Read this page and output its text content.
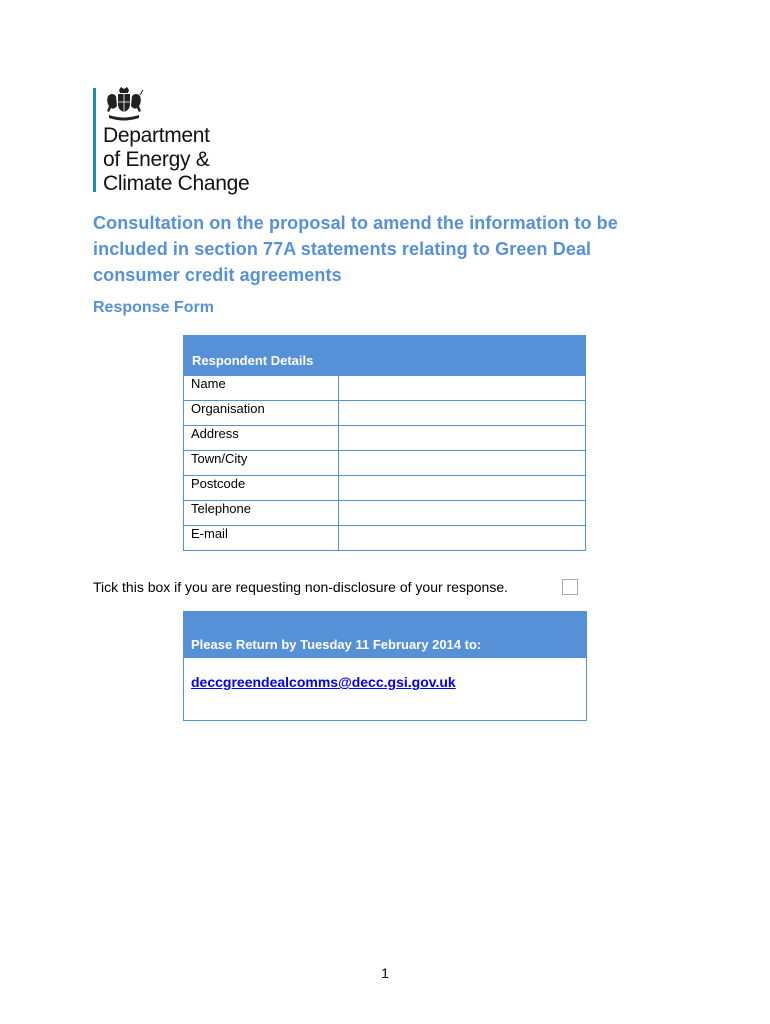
Department
of Energy &
Climate Change
Consultation on the proposal to amend the information to be included in section 77A statements relating to Green Deal consumer credit agreements
Response Form
Respondent Details	
Name	
Organisation	
Address	
Town/City	
Postcode	
Telephone	
E-mail	
Tick this box if you are requesting non-disclosure of your response.
Please Return by Tuesday 11 February 2014 to:
deccgreendealcomms@decc.gsi.gov.uk
1
